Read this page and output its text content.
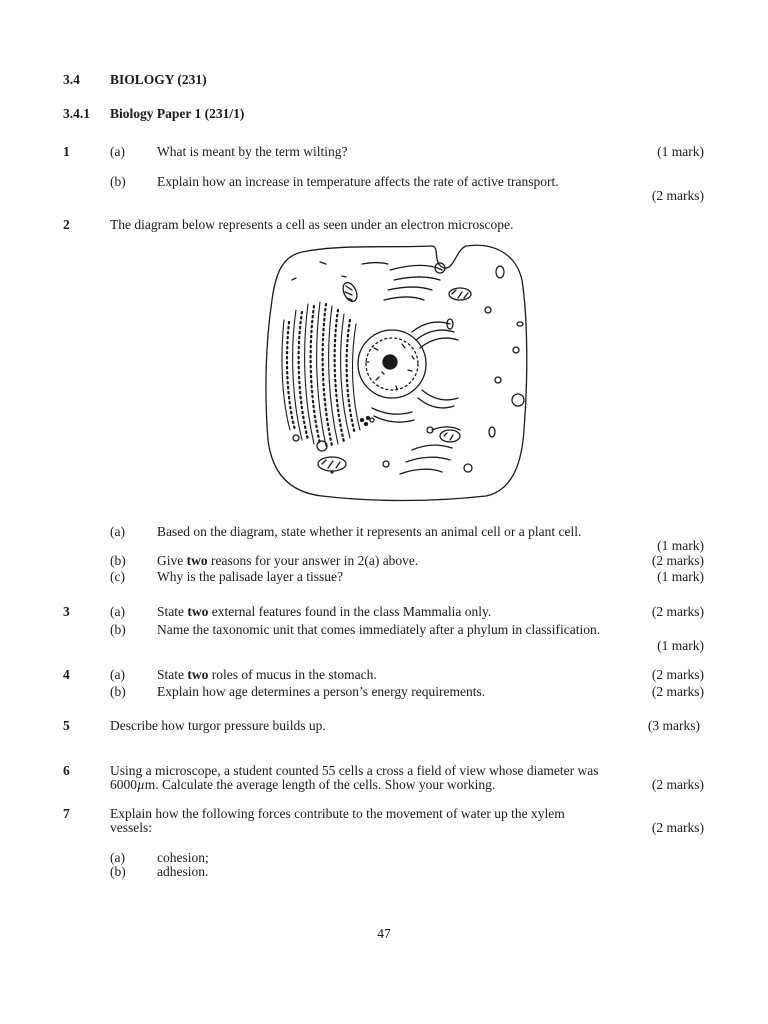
3.4 BIOLOGY (231)
3.4.1 Biology Paper 1 (231/1)
1	(a) What is meant by the term wilting?	(1 mark)
(b) Explain how an increase in temperature affects the rate of active transport.
(2 marks)
2	The diagram below represents a cell as seen under an electron microscope.
(a) Based on the diagram, state whether it represents an animal cell or a plant cell.
(1 mark)
(b) Give two reasons for your answer in 2(a) above.	(2 marks)
(c) Why is the palisade layer a tissue?	(1 mark)
3	(a) State two external features found in the class Mammalia only.	(2 marks)
(b) Name the taxonomic unit that comes immediately after a phylum in classification.
(1 mark)
4	(a) State two roles of mucus in the stomach.	(2 marks)
(b) Explain how age determines a person’s energy requirements.	(2 marks)
5	Describe how turgor pressure builds up.	(3 marks)
6	Using a microscope, a student counted 55 cells a cross a field of view whose diameter was
6000µm. Calculate the average length of the cells. Show your working.	(2 marks)
7	Explain how the following forces contribute to the movement of water up the xylem
vessels:	(2 marks)
(a) cohesion;
(b) adhesion.
47
